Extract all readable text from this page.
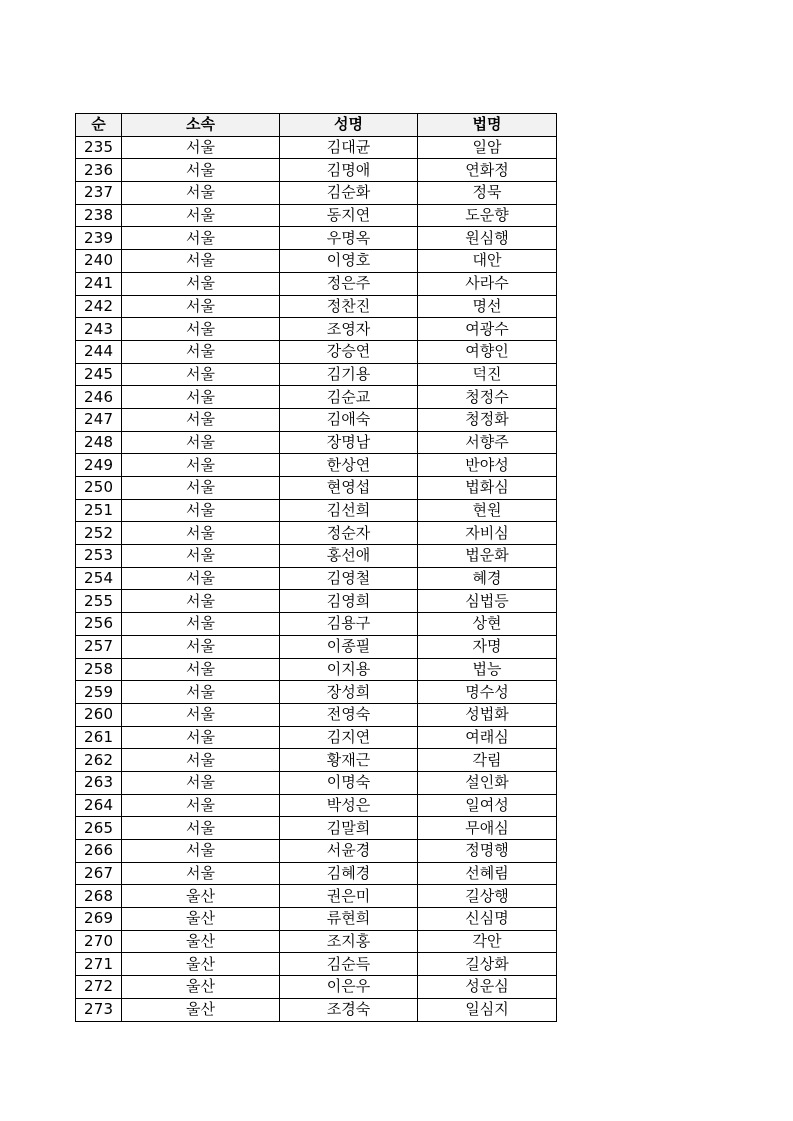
순	소속	성명	법명
235	서울	김대균	일암
236	서울	김명애	연화정
237	서울	김순화	정묵
238	서울	동지연	도운향
239	서울	우명옥	원심행
240	서울	이영호	대안
241	서울	정은주	사라수
242	서울	정찬진	명선
243	서울	조영자	여광수
244	서울	강승연	여향인
245	서울	김기용	덕진
246	서울	김순교	청정수
247	서울	김애숙	청정화
248	서울	장명남	서향주
249	서울	한상연	반야성
250	서울	현영섭	법화심
251	서울	김선희	현원
252	서울	정순자	자비심
253	서울	홍선애	법운화
254	서울	김영철	혜경
255	서울	김영희	심법등
256	서울	김용구	상현
257	서울	이종필	자명
258	서울	이지용	법능
259	서울	장성희	명수성
260	서울	전영숙	성법화
261	서울	김지연	여래심
262	서울	황재근	각림
263	서울	이명숙	설인화
264	서울	박성은	일여성
265	서울	김말희	무애심
266	서울	서윤경	정명행
267	서울	김혜경	선혜림
268	울산	권은미	길상행
269	울산	류현희	신심명
270	울산	조지홍	각안
271	울산	김순득	길상화
272	울산	이은우	성운심
273	울산	조경숙	일심지
